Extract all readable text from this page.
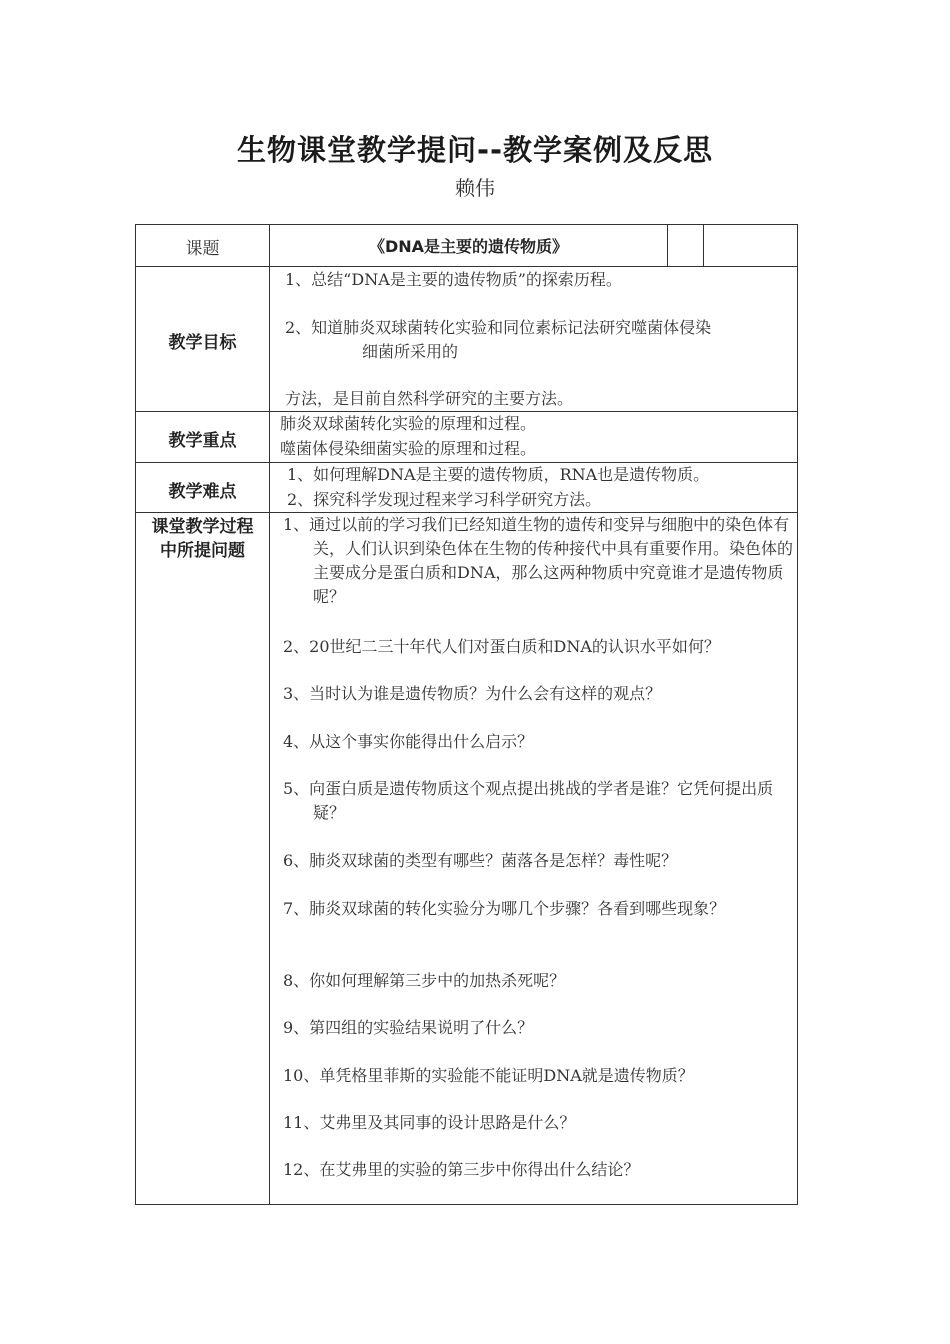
生物课堂教学提问--教学案例及反思
赖伟
课题	《DNA是主要的遗传物质》
教学目标
1、总结“DNA是主要的遗传物质”的探索历程。
2、知道肺炎双球菌转化实验和同位素标记法研究噬菌体侵染
细菌所采用的
方法，是目前自然科学研究的主要方法。
教学重点
肺炎双球菌转化实验的原理和过程。
噬菌体侵染细菌实验的原理和过程。
教学难点
1、如何理解DNA是主要的遗传物质，RNA也是遗传物质。
2、探究科学发现过程来学习科学研究方法。
课堂教学过程
中所提问题
1、通过以前的学习我们已经知道生物的遗传和变异与细胞中的染色体有关，人们认识到染色体在生物的传种接代中具有重要作用。染色体的主要成分是蛋白质和DNA，那么这两种物质中究竟谁才是遗传物质呢？
2、20世纪二三十年代人们对蛋白质和DNA的认识水平如何？
3、当时认为谁是遗传物质？为什么会有这样的观点？
4、从这个事实你能得出什么启示？
5、向蛋白质是遗传物质这个观点提出挑战的学者是谁？它凭何提出质疑？
6、肺炎双球菌的类型有哪些？菌落各是怎样？毒性呢？
7、肺炎双球菌的转化实验分为哪几个步骤？各看到哪些现象？
8、你如何理解第三步中的加热杀死呢？
9、第四组的实验结果说明了什么？
10、单凭格里菲斯的实验能不能证明DNA就是遗传物质？
11、艾弗里及其同事的设计思路是什么？
12、在艾弗里的实验的第三步中你得出什么结论？
